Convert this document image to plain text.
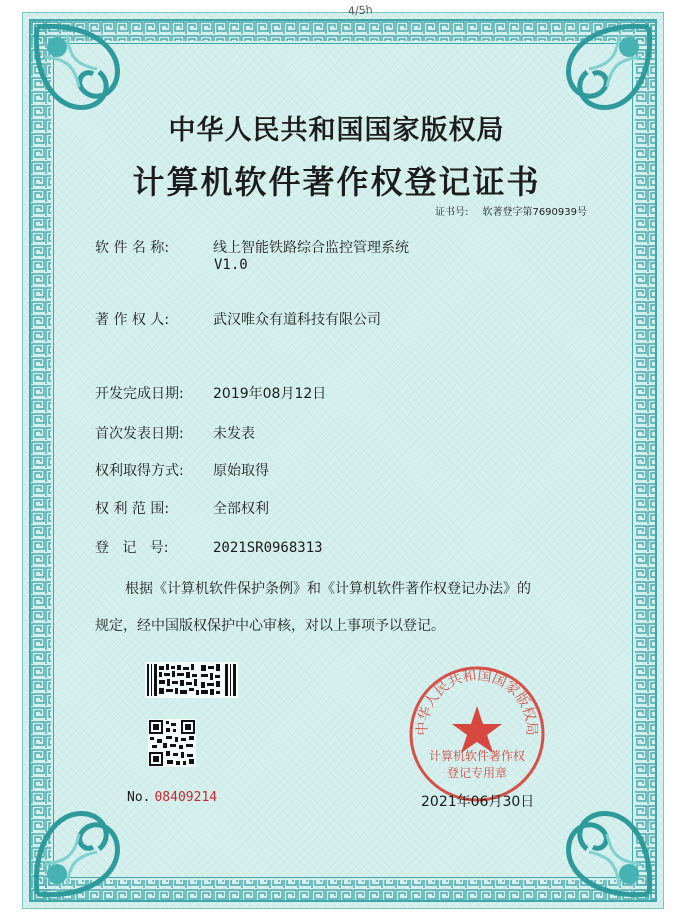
4/5h
中华人民共和国国家版权局
计算机软件著作权登记证书
证书号: 软著登字第7690939号
软 件 名 称:	线上智能铁路综合监控管理系统
V1.0
著 作 权 人:	武汉唯众有道科技有限公司
开发完成日期: 2019年08月12日
首次发表日期: 未发表
权利取得方式: 原始取得
权 利 范 围:	全部权利
登   记   号:	2021SR0968313
根据《计算机软件保护条例》和《计算机软件著作权登记办法》的
规定，经中国版权保护中心审核，对以上事项予以登记。
No. 08409214
中华人民共和国国家版权局
计算机软件著作权
登记专用章
2021年06月30日
